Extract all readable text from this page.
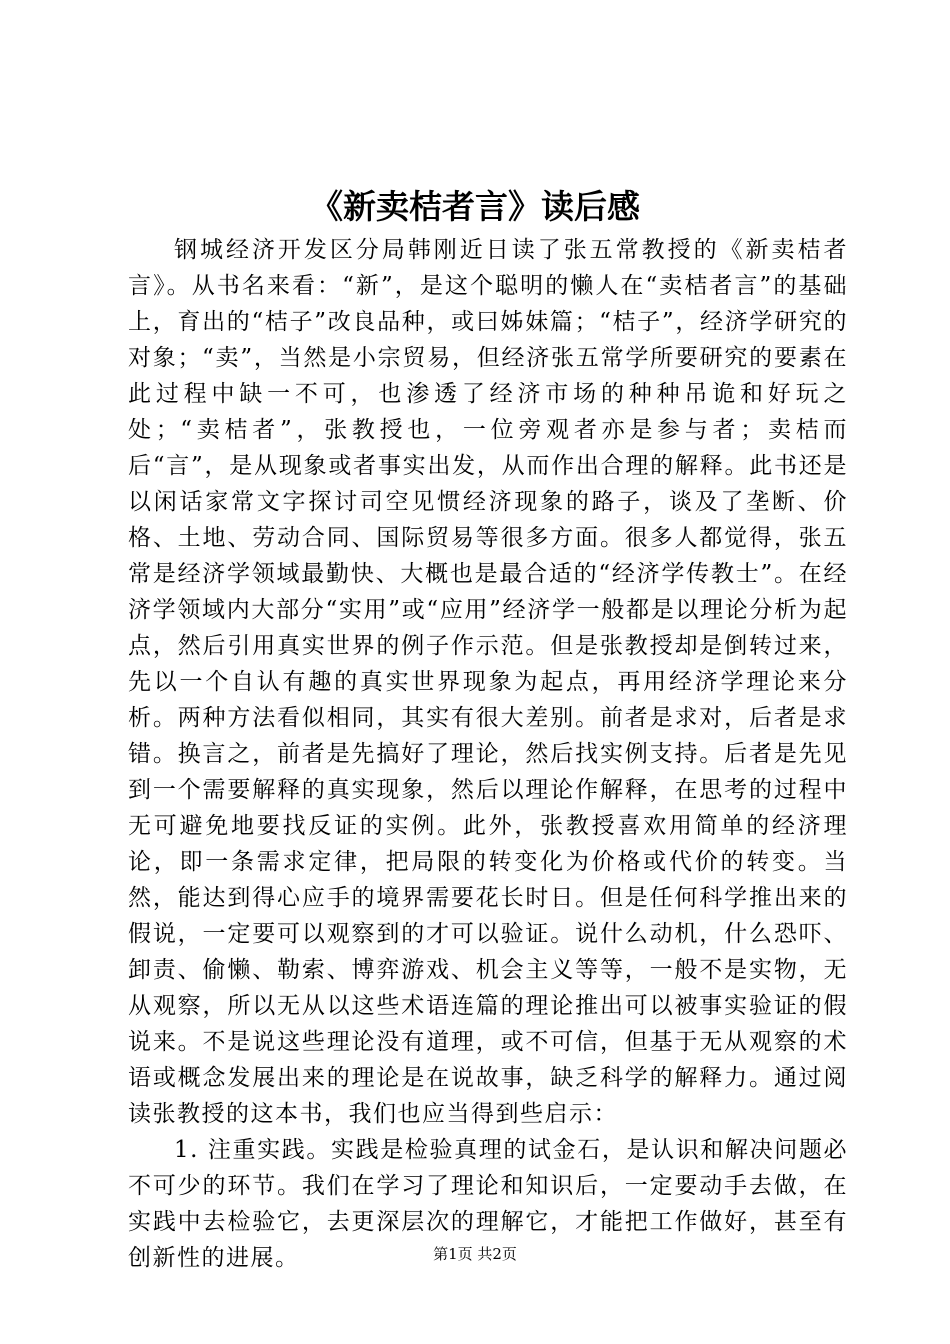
《新卖桔者言》读后感

钢城经济开发区分局韩刚近日读了张五常教授的《新卖桔者言》。从书名来看：“新”，是这个聪明的懒人在“卖桔者言”的基础上，育出的“桔子”改良品种，或曰姊妹篇；“桔子”，经济学研究的对象；“卖”，当然是小宗贸易，但经济张五常学所要研究的要素在此过程中缺一不可，也渗透了经济市场的种种吊诡和好玩之处；“卖桔者”，张教授也，一位旁观者亦是参与者；卖桔而后“言”，是从现象或者事实出发，从而作出合理的解释。此书还是以闲话家常文字探讨司空见惯经济现象的路子，谈及了垄断、价格、土地、劳动合同、国际贸易等很多方面。很多人都觉得，张五常是经济学领域最勤快、大概也是最合适的“经济学传教士”。在经济学领域内大部分“实用”或“应用”经济学一般都是以理论分析为起点，然后引用真实世界的例子作示范。但是张教授却是倒转过来，先以一个自认有趣的真实世界现象为起点，再用经济学理论来分析。两种方法看似相同，其实有很大差别。前者是求对，后者是求错。换言之，前者是先搞好了理论，然后找实例支持。后者是先见到一个需要解释的真实现象，然后以理论作解释，在思考的过程中无可避免地要找反证的实例。此外，张教授喜欢用简单的经济理论，即一条需求定律，把局限的转变化为价格或代价的转变。当然，能达到得心应手的境界需要花长时日。但是任何科学推出来的假说，一定要可以观察到的才可以验证。说什么动机，什么恐吓、卸责、偷懒、勒索、博弈游戏、机会主义等等，一般不是实物，无从观察，所以无从以这些术语连篇的理论推出可以被事实验证的假说来。不是说这些理论没有道理，或不可信，但基于无从观察的术语或概念发展出来的理论是在说故事，缺乏科学的解释力。通过阅读张教授的这本书，我们也应当得到些启示：

1. 注重实践。实践是检验真理的试金石，是认识和解决问题必不可少的环节。我们在学习了理论和知识后，一定要动手去做，在实践中去检验它，去更深层次的理解它，才能把工作做好，甚至有创新性的进展。	第1页 共2页
